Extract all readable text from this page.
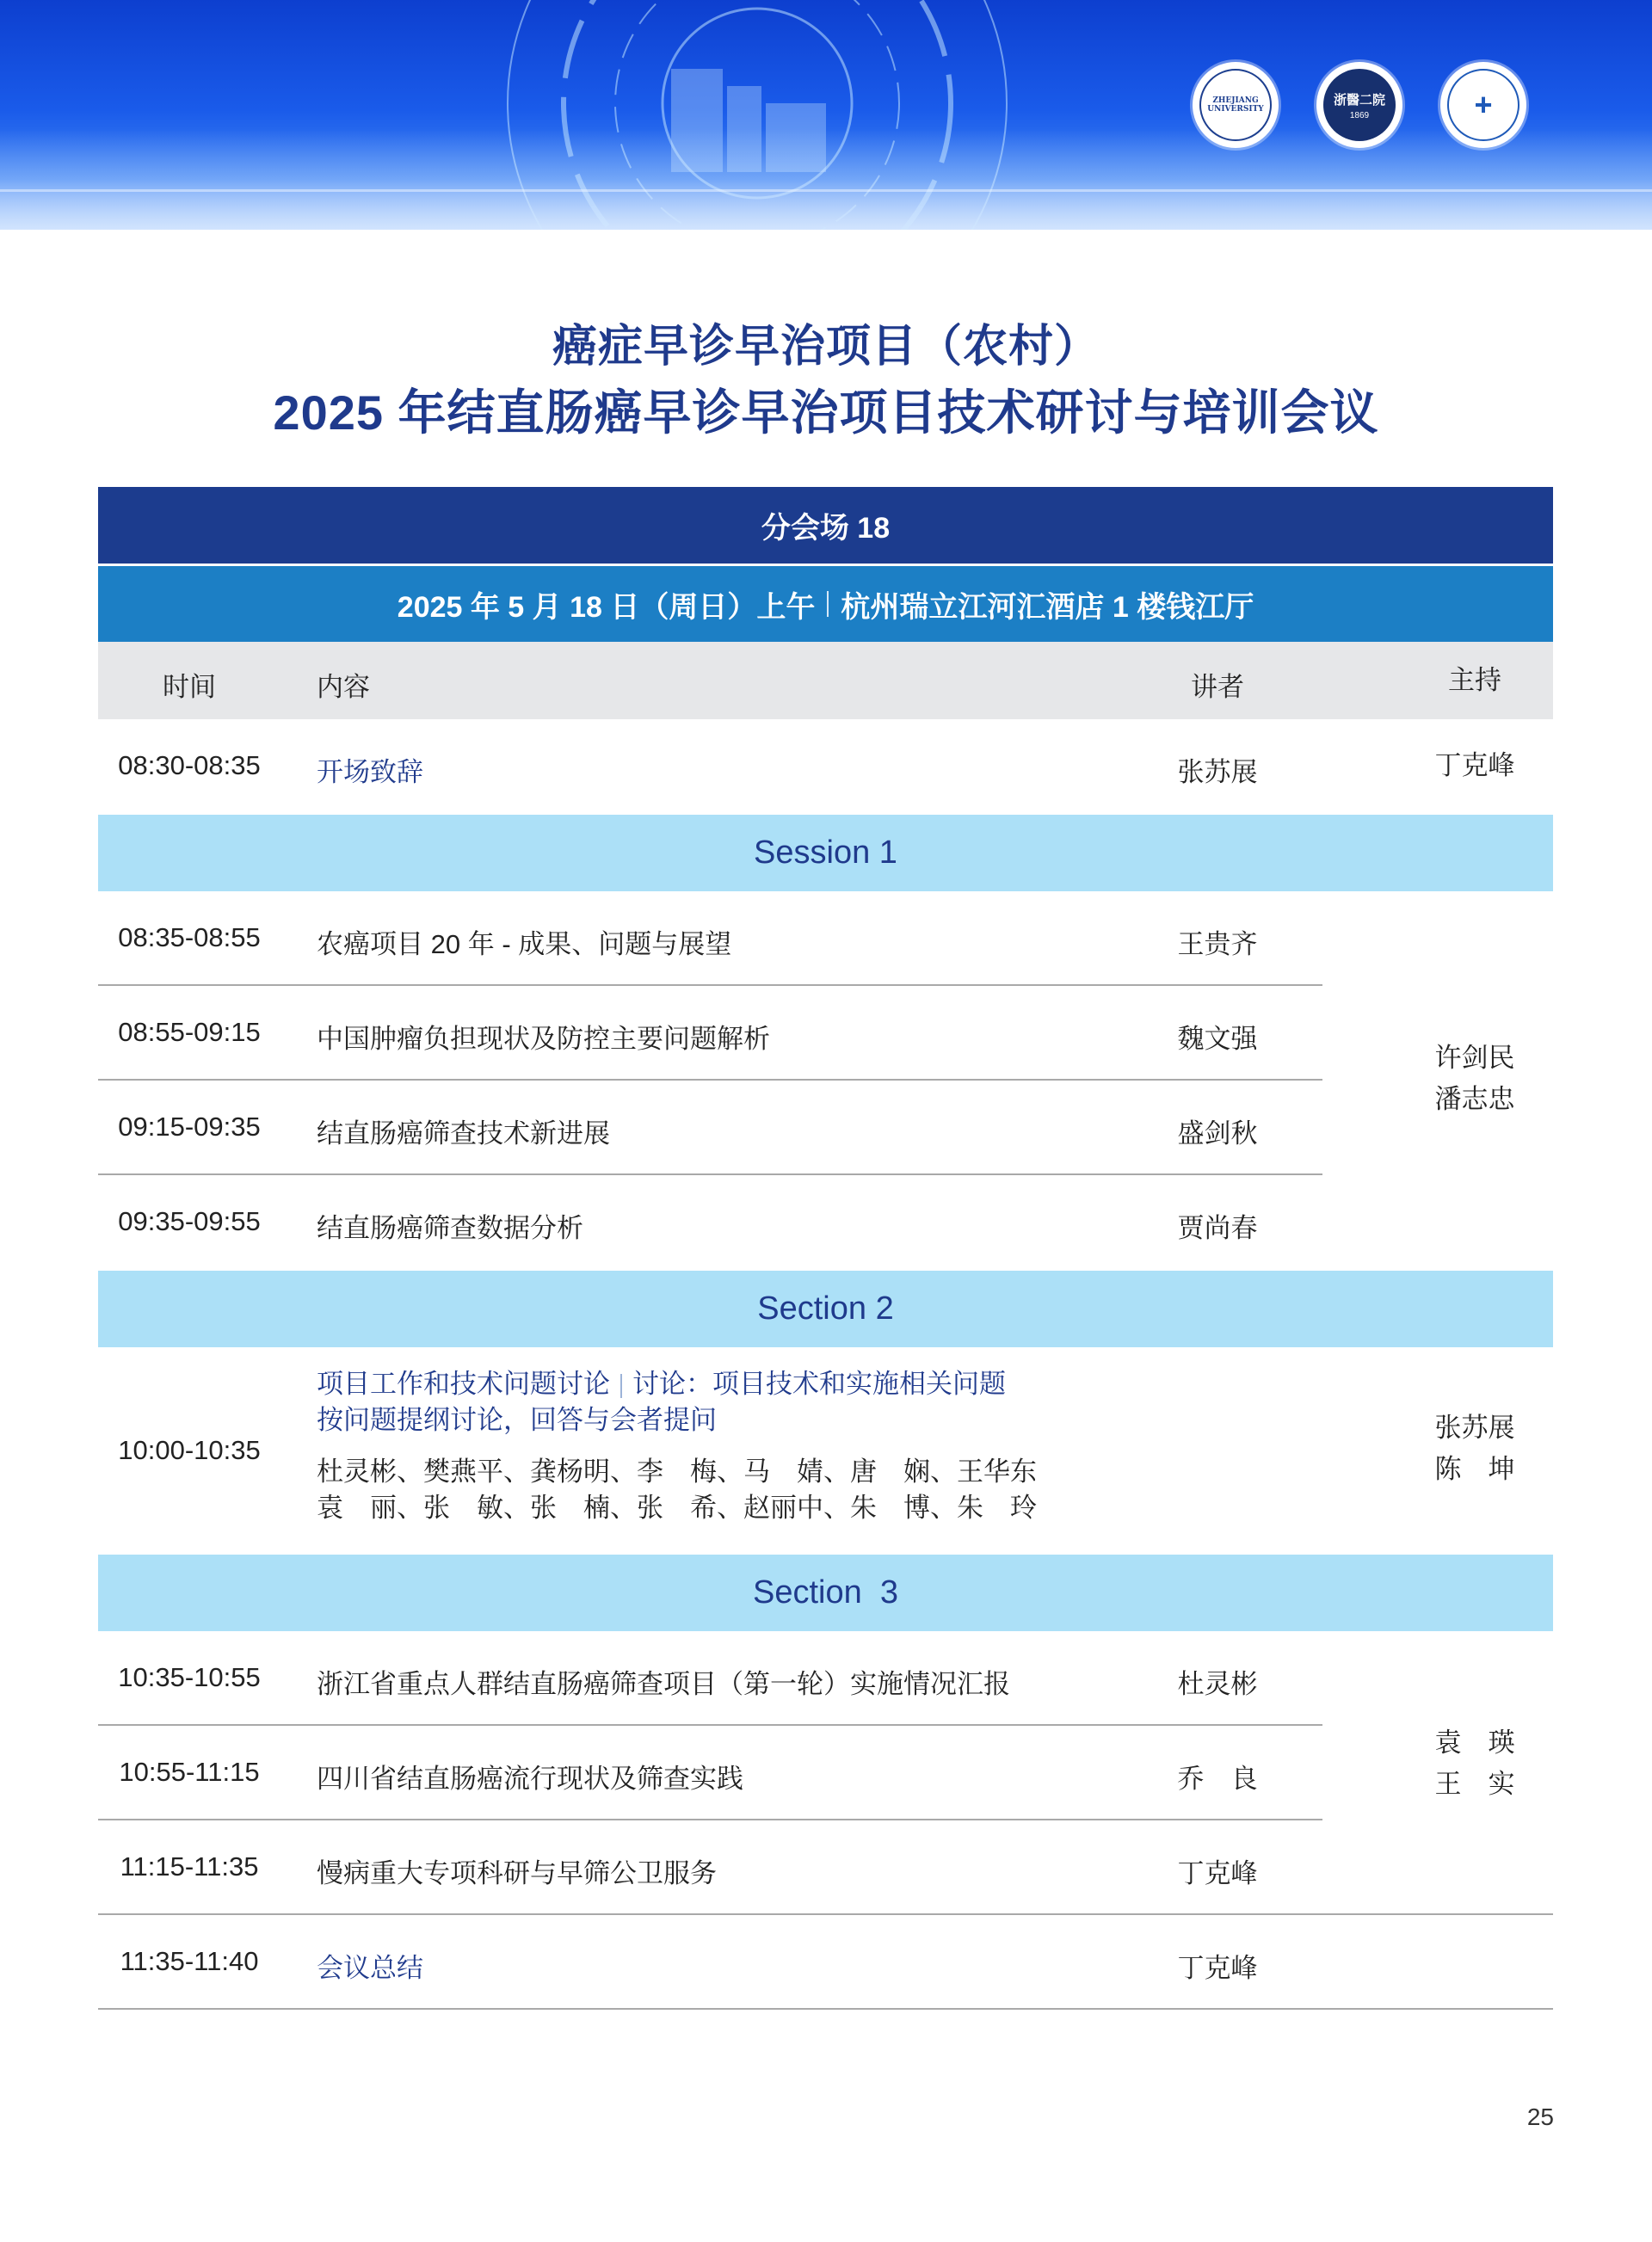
ZHEJIANG UNIVERSITY
浙醫二院
1869	+
癌症早诊早治项目（农村）
2025 年结直肠癌早诊早治项目技术研讨与培训会议
分会场 18
2025 年 5 月 18 日（周日）上午 杭州瑞立江河汇酒店 1 楼钱江厅
时间	内容	讲者	主持
08:30-08:35	开场致辞	张苏展	丁克峰
Session 1
08:35-08:55	农癌项目 20 年 - 成果、问题与展望	王贵齐
08:55-09:15	中国肿瘤负担现状及防控主要问题解析	魏文强
09:15-09:35	结直肠癌筛查技术新进展	盛剑秋
09:35-09:55	结直肠癌筛查数据分析	贾尚春
许剑民
潘志忠
Section 2
10:00-10:35
项目工作和技术问题讨论 讨论：项目技术和实施相关问题
按问题提纲讨论，回答与会者提问
杜灵彬、樊燕平、龚杨明、李　梅、马　婧、唐　娴、王华东
袁　丽、张　敏、张　楠、张　希、赵丽中、朱　博、朱　玲
张苏展
陈　坤
Section  3
10:35-10:55	浙江省重点人群结直肠癌筛查项目（第一轮）实施情况汇报	杜灵彬
10:55-11:15	四川省结直肠癌流行现状及筛查实践	乔　良
11:15-11:35	慢病重大专项科研与早筛公卫服务	丁克峰
11:35-11:40	会议总结	丁克峰
袁　瑛
王　实
25
